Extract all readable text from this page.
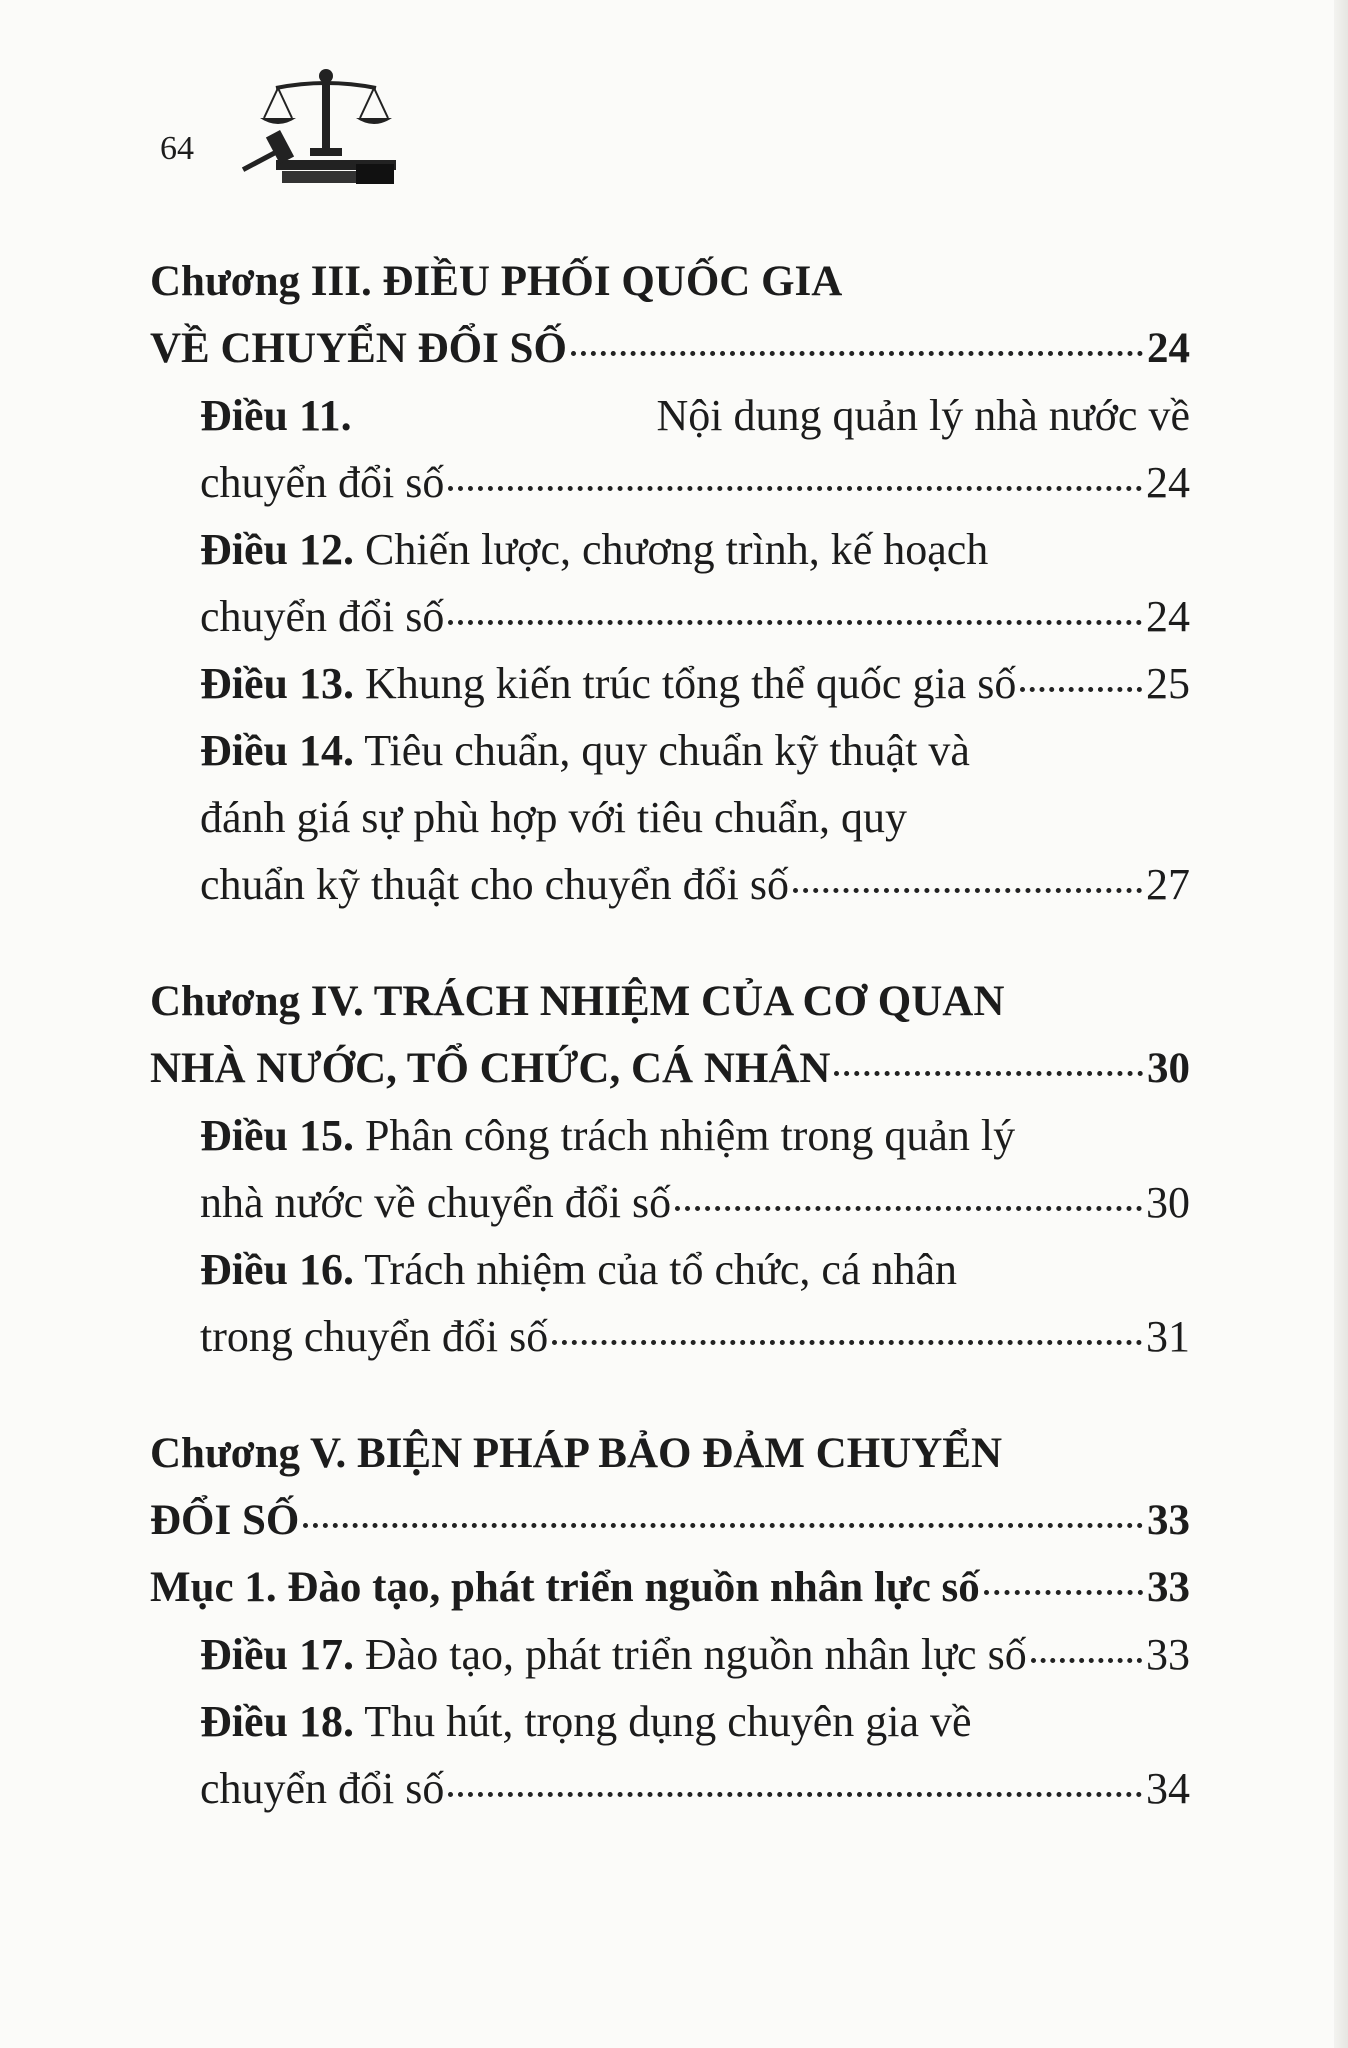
64
Chương III. ĐIỀU PHỐI QUỐC GIA
VỀ CHUYỂN ĐỔI SỐ	24
Điều 11.
	Nội dung quản lý nhà nước về
chuyển đổi số	24
Điều 12. Chiến lược, chương trình, kế hoạch
chuyển đổi số	24
Điều 13. Khung kiến trúc tổng thể quốc gia số	25
Điều 14. Tiêu chuẩn, quy chuẩn kỹ thuật và
đánh giá sự phù hợp với tiêu chuẩn, quy
chuẩn kỹ thuật cho chuyển đổi số	27
Chương IV. TRÁCH NHIỆM CỦA CƠ QUAN
NHÀ NƯỚC, TỔ CHỨC, CÁ NHÂN	30
Điều 15. Phân công trách nhiệm trong quản lý
nhà nước về chuyển đổi số	30
Điều 16. Trách nhiệm của tổ chức, cá nhân
trong chuyển đổi số	31
Chương V. BIỆN PHÁP BẢO ĐẢM CHUYỂN
ĐỔI SỐ	33
Mục 1. Đào tạo, phát triển nguồn nhân lực số	33
Điều 17. Đào tạo, phát triển nguồn nhân lực số	33
Điều 18. Thu hút, trọng dụng chuyên gia về
chuyển đổi số	34
